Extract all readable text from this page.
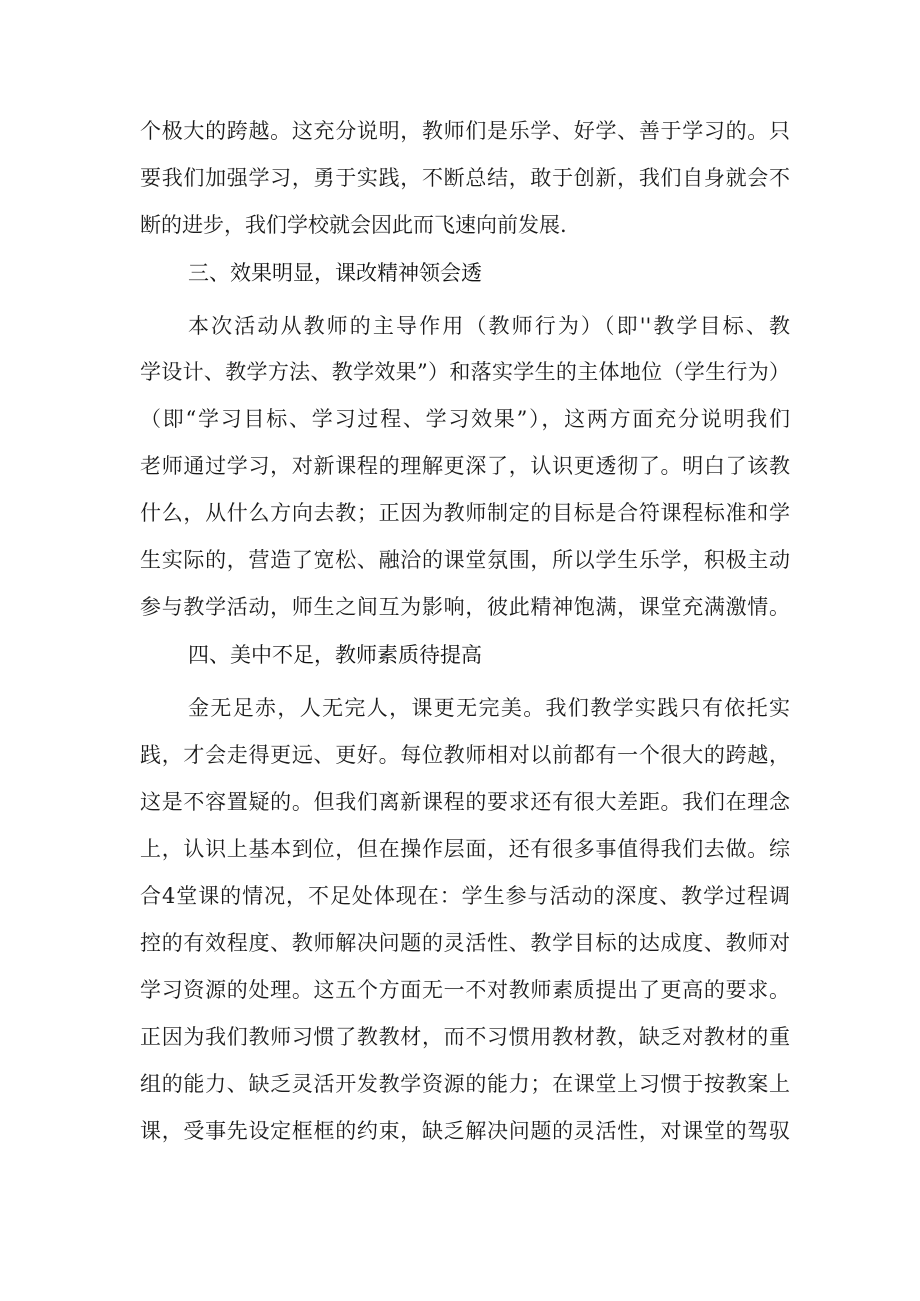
个极大的跨越。这充分说明，教师们是乐学、好学、善于学习的。只
要我们加强学习，勇于实践，不断总结，敢于创新，我们自身就会不
断的进步，我们学校就会因此而飞速向前发展.
三、效果明显，课改精神领会透
本次活动从教师的主导作用（教师行为）（即''教学目标、教
学设计、教学方法、教学效果”）和落实学生的主体地位（学生行为）
（即“学习目标、学习过程、学习效果”），这两方面充分说明我们
老师通过学习，对新课程的理解更深了，认识更透彻了。明白了该教
什么，从什么方向去教；正因为教师制定的目标是合符课程标准和学
生实际的，营造了宽松、融洽的课堂氛围，所以学生乐学，积极主动
参与教学活动，师生之间互为影响，彼此精神饱满，课堂充满激情。
四、美中不足，教师素质待提高
金无足赤，人无完人，课更无完美。我们教学实践只有依托实
践，才会走得更远、更好。每位教师相对以前都有一个很大的跨越，
这是不容置疑的。但我们离新课程的要求还有很大差距。我们在理念
上，认识上基本到位，但在操作层面，还有很多事值得我们去做。综
合4堂课的情况，不足处体现在：学生参与活动的深度、教学过程调
控的有效程度、教师解决问题的灵活性、教学目标的达成度、教师对
学习资源的处理。这五个方面无一不对教师素质提出了更高的要求。
正因为我们教师习惯了教教材，而不习惯用教材教，缺乏对教材的重
组的能力、缺乏灵活开发教学资源的能力；在课堂上习惯于按教案上
课，受事先设定框框的约束，缺乏解决问题的灵活性，对课堂的驾驭
